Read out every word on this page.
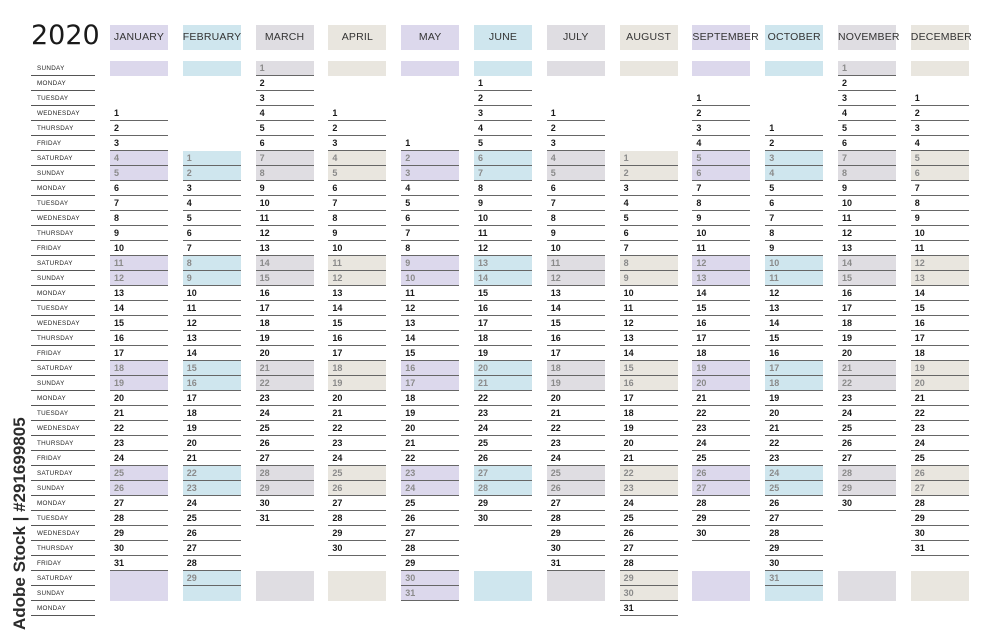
2020
SUNDAY
MONDAY
TUESDAY
WEDNESDAY
THURSDAY
FRIDAY
SATURDAY
SUNDAY
MONDAY
TUESDAY
WEDNESDAY
THURSDAY
FRIDAY
SATURDAY
SUNDAY
MONDAY
TUESDAY
WEDNESDAY
THURSDAY
FRIDAY
SATURDAY
SUNDAY
MONDAY
TUESDAY
WEDNESDAY
THURSDAY
FRIDAY
SATURDAY
SUNDAY
MONDAY
TUESDAY
WEDNESDAY
THURSDAY
FRIDAY
SATURDAY
SUNDAY
MONDAY
JANUARY
1
2
3
4
5
6
7
8
9
10
11
12
13
14
15
16
17
18
19
20
21
22
23
24
25
26
27
28
29
30
31
FEBRUARY
1
2
3
4
5
6
7
8
9
10
11
12
13
14
15
16
17
18
19
20
21
22
23
24
25
26
27
28
29
MARCH
1
2
3
4
5
6
7
8
9
10
11
12
13
14
15
16
17
18
19
20
21
22
23
24
25
26
27
28
29
30
31
APRIL
1
2
3
4
5
6
7
8
9
10
11
12
13
14
15
16
17
18
19
20
21
22
23
24
25
26
27
28
29
30
MAY
1
2
3
4
5
6
7
8
9
10
11
12
13
14
15
16
17
18
19
20
21
22
23
24
25
26
27
28
29
30
31
JUNE
1
2
3
4
5
6
7
8
9
10
11
12
13
14
15
16
17
18
19
20
21
22
23
24
25
26
27
28
29
30
JULY
1
2
3
4
5
6
7
8
9
10
11
12
13
14
15
16
17
18
19
20
21
22
23
24
25
26
27
28
29
30
31
AUGUST
1
2
3
4
5
6
7
8
9
10
11
12
13
14
15
16
17
18
19
20
21
22
23
24
25
26
27
28
29
30
31
SEPTEMBER
1
2
3
4
5
6
7
8
9
10
11
12
13
14
15
16
17
18
19
20
21
22
23
24
25
26
27
28
29
30
OCTOBER
1
2
3
4
5
6
7
8
9
10
11
12
13
14
15
16
17
18
19
20
21
22
23
24
25
26
27
28
29
30
31
NOVEMBER
1
2
3
4
5
6
7
8
9
10
11
12
13
14
15
16
17
18
19
20
21
22
23
24
25
26
27
28
29
30
DECEMBER
1
2
3
4
5
6
7
8
9
10
11
12
13
14
15
16
17
18
19
20
21
22
23
24
25
26
27
28
29
30
31
Adobe Stock | #291699805
